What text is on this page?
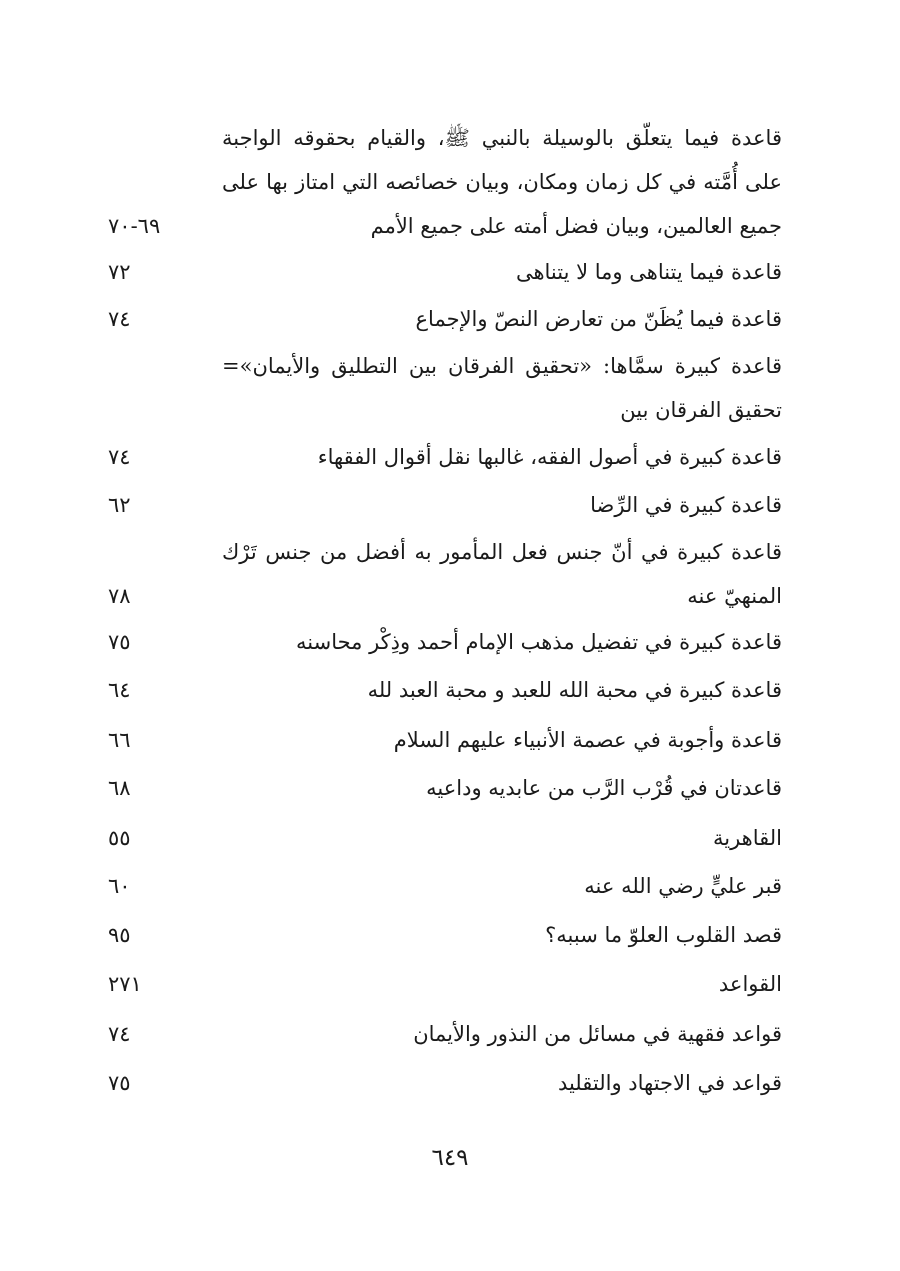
قاعدة فيما يتعلّق بالوسيلة بالنبي ﷺ، والقيام بحقوقه الواجبة على أُمَّته في كل زمان ومكان، وبيان خصائصه التي امتاز بها على جميع العالمين، وبيان فضل أمته على جميع الأمم
٦٩-٧٠
قاعدة فيما يتناهى وما لا يتناهى
٧٢
قاعدة فيما يُظَنّ من تعارض النصّ والإجماع
٧٤
قاعدة كبيرة سمَّاها: «تحقيق الفرقان بين التطليق والأيمان»= تحقيق الفرقان بين
قاعدة كبيرة في أصول الفقه، غالبها نقل أقوال الفقهاء
٧٤
قاعدة كبيرة في الرِّضا
٦٢
قاعدة كبيرة في أنّ جنس فعل المأمور به أفضل من جنس تَرْك المنهيّ عنه
٧٨
قاعدة كبيرة في تفضيل مذهب الإمام أحمد وذِكْر محاسنه
٧٥
قاعدة كبيرة في محبة الله للعبد و محبة العبد لله
٦٤
قاعدة وأجوبة في عصمة الأنبياء عليهم السلام
٦٦
قاعدتان في قُرْب الرَّب من عابديه وداعيه
٦٨
القاهرية
٥٥
قبر عليٍّ رضي الله عنه
٦٠
قصد القلوب العلوّ ما سببه؟
٩٥
القواعد
٢٧١
قواعد فقهية في مسائل من النذور والأيمان
٧٤
قواعد في الاجتهاد والتقليد
٧٥
٦٤٩
